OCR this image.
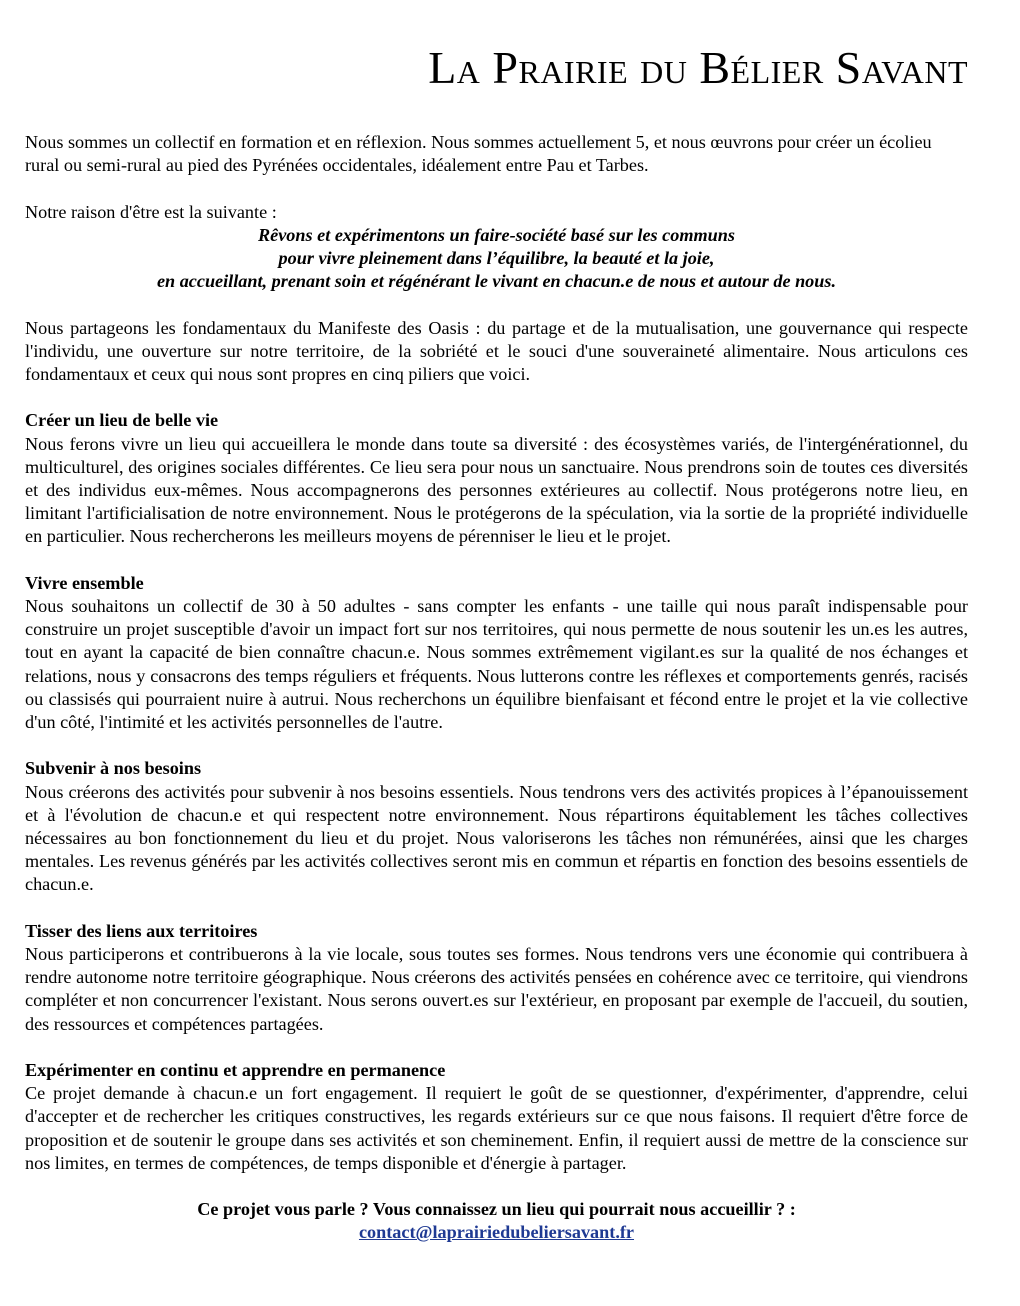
La Prairie du Bélier Savant

Nous sommes un collectif en formation et en réflexion. Nous sommes actuellement 5, et nous œuvrons pour créer un écolieu rural ou semi-rural au pied des Pyrénées occidentales, idéalement entre Pau et Tarbes.

Notre raison d'être est la suivante :

Rêvons et expérimentons un faire-société basé sur les communs

pour vivre pleinement dans l’équilibre, la beauté et la joie,

en accueillant, prenant soin et régénérant le vivant en chacun.e de nous et autour de nous.

Nous partageons les fondamentaux du Manifeste des Oasis : du partage et de la mutualisation, une gouvernance qui respecte l'individu, une ouverture sur notre territoire, de la sobriété et le souci d'une souveraineté alimentaire. Nous articulons ces fondamentaux et ceux qui nous sont propres en cinq piliers que voici.

Créer un lieu de belle vie

Nous ferons vivre un lieu qui accueillera le monde dans toute sa diversité : des écosystèmes variés, de l'intergénérationnel, du multiculturel, des origines sociales différentes. Ce lieu sera pour nous un sanctuaire. Nous prendrons soin de toutes ces diversités et des individus eux-mêmes. Nous accompagnerons des personnes extérieures au collectif. Nous protégerons notre lieu, en limitant l'artificialisation de notre environnement. Nous le protégerons de la spéculation, via la sortie de la propriété individuelle en particulier. Nous rechercherons les meilleurs moyens de pérenniser le lieu et le projet.

Vivre ensemble

Nous souhaitons un collectif de 30 à 50 adultes - sans compter les enfants - une taille qui nous paraît indispensable pour construire un projet susceptible d'avoir un impact fort sur nos territoires, qui nous permette de nous soutenir les un.es les autres, tout en ayant la capacité de bien connaître chacun.e. Nous sommes extrêmement vigilant.es sur la qualité de nos échanges et relations, nous y consacrons des temps réguliers et fréquents. Nous lutterons contre les réflexes et comportements genrés, racisés ou classisés qui pourraient nuire à autrui. Nous recherchons un équilibre bienfaisant et fécond entre le projet et la vie collective d'un côté, l'intimité et les activités personnelles de l'autre.

Subvenir à nos besoins

Nous créerons des activités pour subvenir à nos besoins essentiels. Nous tendrons vers des activités propices à l’épanouissement et à l'évolution de chacun.e et qui respectent notre environnement. Nous répartirons équitablement les tâches collectives nécessaires au bon fonctionnement du lieu et du projet. Nous valoriserons les tâches non rémunérées, ainsi que les charges mentales. Les revenus générés par les activités collectives seront mis en commun et répartis en fonction des besoins essentiels de chacun.e.

Tisser des liens aux territoires

Nous participerons et contribuerons à la vie locale, sous toutes ses formes. Nous tendrons vers une économie qui contribuera à rendre autonome notre territoire géographique. Nous créerons des activités pensées en cohérence avec ce territoire, qui viendrons compléter et non concurrencer l'existant. Nous serons ouvert.es sur l'extérieur, en proposant par exemple de l'accueil, du soutien, des ressources et compétences partagées.

Expérimenter en continu et apprendre en permanence

Ce projet demande à chacun.e un fort engagement. Il requiert le goût de se questionner, d'expérimenter, d'apprendre, celui d'accepter et de rechercher les critiques constructives, les regards extérieurs sur ce que nous faisons. Il requiert d'être force de proposition et de soutenir le groupe dans ses activités et son cheminement. Enfin, il requiert aussi de mettre de la conscience sur nos limites, en termes de compétences, de temps disponible et d'énergie à partager.

Ce projet vous parle ? Vous connaissez un lieu qui pourrait nous accueillir ? :

contact@laprairiedubeliersavant.fr
